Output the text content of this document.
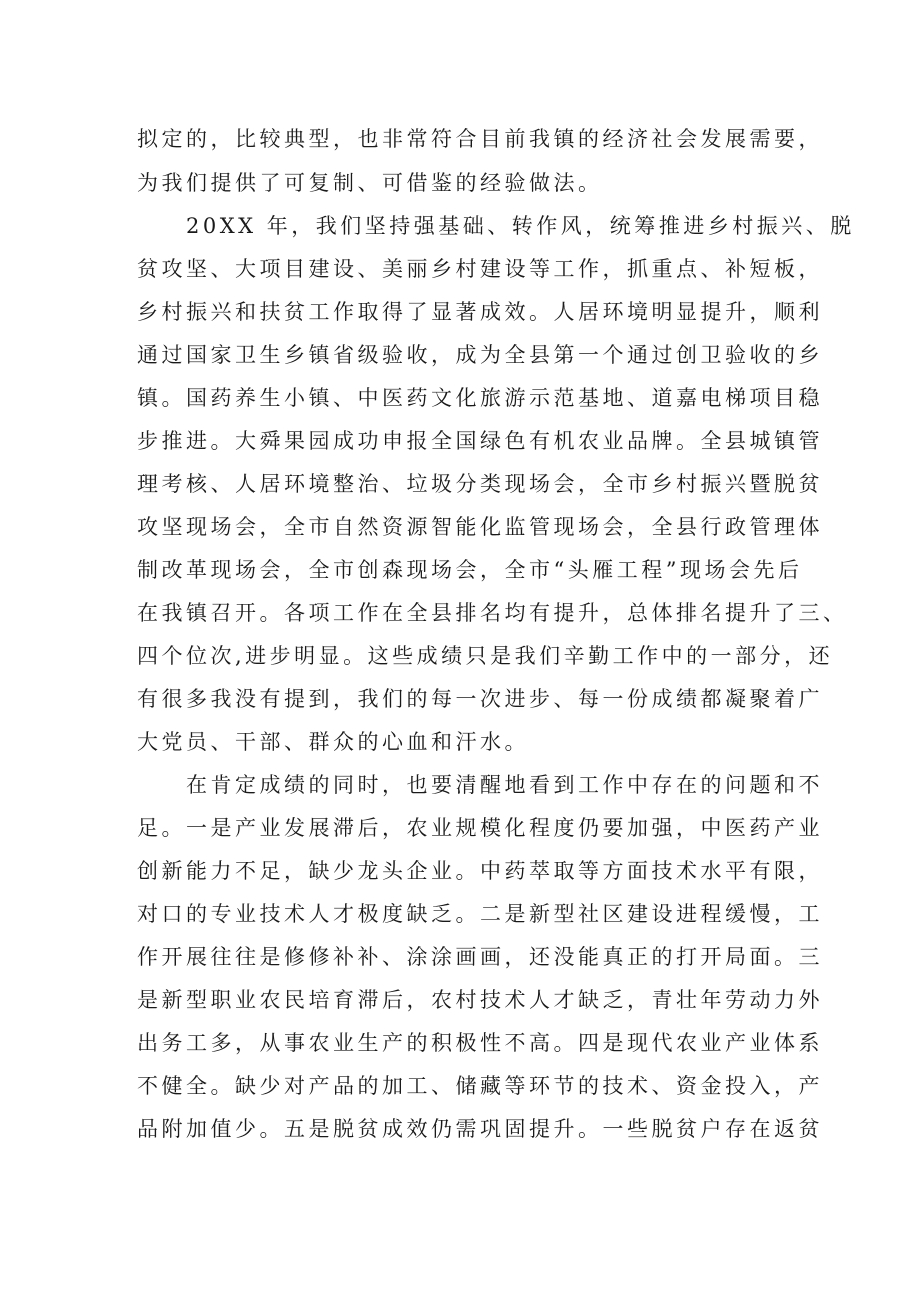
拟定的，比较典型，也非常符合目前我镇的经济社会发展需要，
为我们提供了可复制、可借鉴的经验做法。
20XX 年，我们坚持强基础、转作风，统筹推进乡村振兴、脱
贫攻坚、大项目建设、美丽乡村建设等工作，抓重点、补短板，
乡村振兴和扶贫工作取得了显著成效。人居环境明显提升，顺利
通过国家卫生乡镇省级验收，成为全县第一个通过创卫验收的乡
镇。国药养生小镇、中医药文化旅游示范基地、道嘉电梯项目稳
步推进。大舜果园成功申报全国绿色有机农业品牌。全县城镇管
理考核、人居环境整治、垃圾分类现场会，全市乡村振兴暨脱贫
攻坚现场会，全市自然资源智能化监管现场会，全县行政管理体
制改革现场会，全市创森现场会，全市“头雁工程”现场会先后
在我镇召开。各项工作在全县排名均有提升，总体排名提升了三、
四个位次,进步明显。这些成绩只是我们辛勤工作中的一部分，还
有很多我没有提到，我们的每一次进步、每一份成绩都凝聚着广
大党员、干部、群众的心血和汗水。
在肯定成绩的同时，也要清醒地看到工作中存在的问题和不
足。一是产业发展滞后，农业规模化程度仍要加强，中医药产业
创新能力不足，缺少龙头企业。中药萃取等方面技术水平有限，
对口的专业技术人才极度缺乏。二是新型社区建设进程缓慢，工
作开展往往是修修补补、涂涂画画，还没能真正的打开局面。三
是新型职业农民培育滞后，农村技术人才缺乏，青壮年劳动力外
出务工多，从事农业生产的积极性不高。四是现代农业产业体系
不健全。缺少对产品的加工、储藏等环节的技术、资金投入，产
品附加值少。五是脱贫成效仍需巩固提升。一些脱贫户存在返贫
